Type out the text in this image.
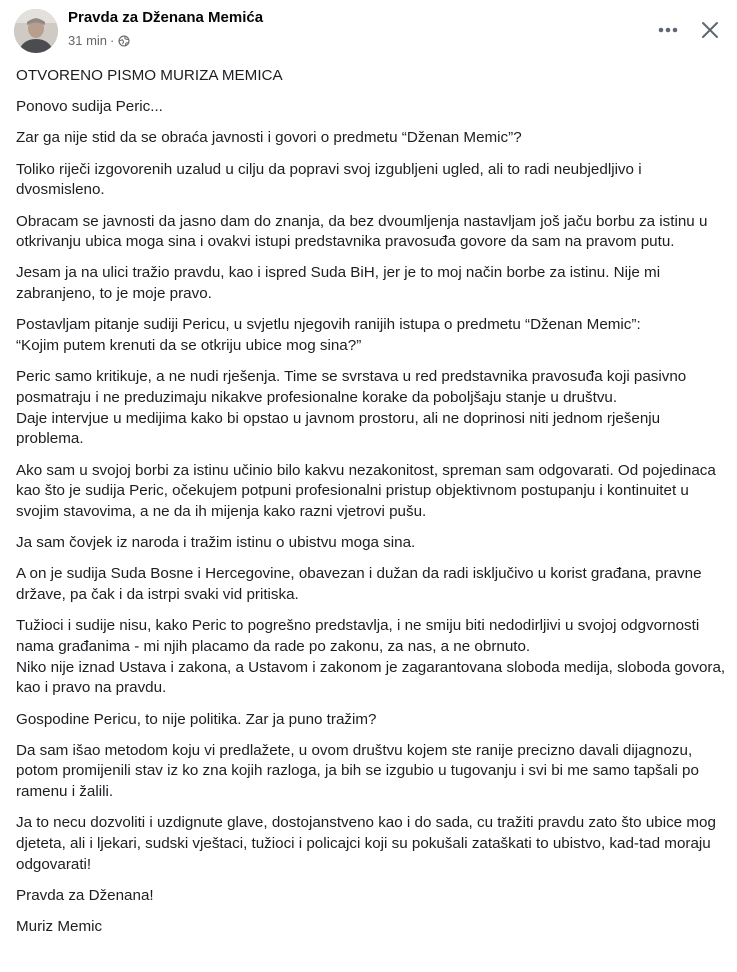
Pravda za Dženana Memića
31 min ·

OTVORENO PISMO MURIZA MEMICA

Ponovo sudija Peric...

Zar ga nije stid da se obraća javnosti i govori o predmetu “Dženan Memic”?

Toliko riječi izgovorenih uzalud u cilju da popravi svoj izgubljeni ugled, ali to radi neubjedljivo i dvosmisleno.

Obracam se javnosti da jasno dam do znanja, da bez dvoumljenja nastavljam još jaču borbu za istinu u otkrivanju ubica moga sina i ovakvi istupi predstavnika pravosuđa govore da sam na pravom putu.

Jesam ja na ulici tražio pravdu, kao i ispred Suda BiH, jer je to moj način borbe za istinu. Nije mi zabranjeno, to je moje pravo.

Postavljam pitanje sudiji Pericu, u svjetlu njegovih ranijih istupa o predmetu “Dženan Memic”:
“Kojim putem krenuti da se otkriju ubice mog sina?”

Peric samo kritikuje, a ne nudi rješenja. Time se svrstava u red predstavnika pravosuđa koji pasivno posmatraju i ne preduzimaju nikakve profesionalne korake da poboljšaju stanje u društvu.
Daje intervjue u medijima kako bi opstao u javnom prostoru, ali ne doprinosi niti jednom rješenju problema.

Ako sam u svojoj borbi za istinu učinio bilo kakvu nezakonitost, spreman sam odgovarati. Od pojedinaca kao što je sudija Peric, očekujem potpuni profesionalni pristup objektivnom postupanju i kontinuitet u svojim stavovima, a ne da ih mijenja kako razni vjetrovi pušu.

Ja sam čovjek iz naroda i tražim istinu o ubistvu moga sina.

A on je sudija Suda Bosne i Hercegovine, obavezan i dužan da radi isključivo u korist građana, pravne države, pa čak i da istrpi svaki vid pritiska.

Tužioci i sudije nisu, kako Peric to pogrešno predstavlja, i ne smiju biti nedodirljivi u svojoj odgvornosti nama građanima - mi njih placamo da rade po zakonu, za nas, a ne obrnuto.
Niko nije iznad Ustava i zakona, a Ustavom i zakonom je zagarantovana sloboda medija, sloboda govora, kao i pravo na pravdu.

Gospodine Pericu, to nije politika. Zar ja puno tražim?

Da sam išao metodom koju vi predlažete, u ovom društvu kojem ste ranije precizno davali dijagnozu, potom promijenili stav iz ko zna kojih razloga, ja bih se izgubio u tugovanju i svi bi me samo tapšali po ramenu i žalili.

Ja to necu dozvoliti i uzdignute glave, dostojanstveno kao i do sada, cu tražiti pravdu zato što ubice mog djeteta, ali i ljekari, sudski vještaci, tužioci i policajci koji su pokušali zataškati to ubistvo, kad-tad moraju odgovarati!

Pravda za Dženana!

Muriz Memic
